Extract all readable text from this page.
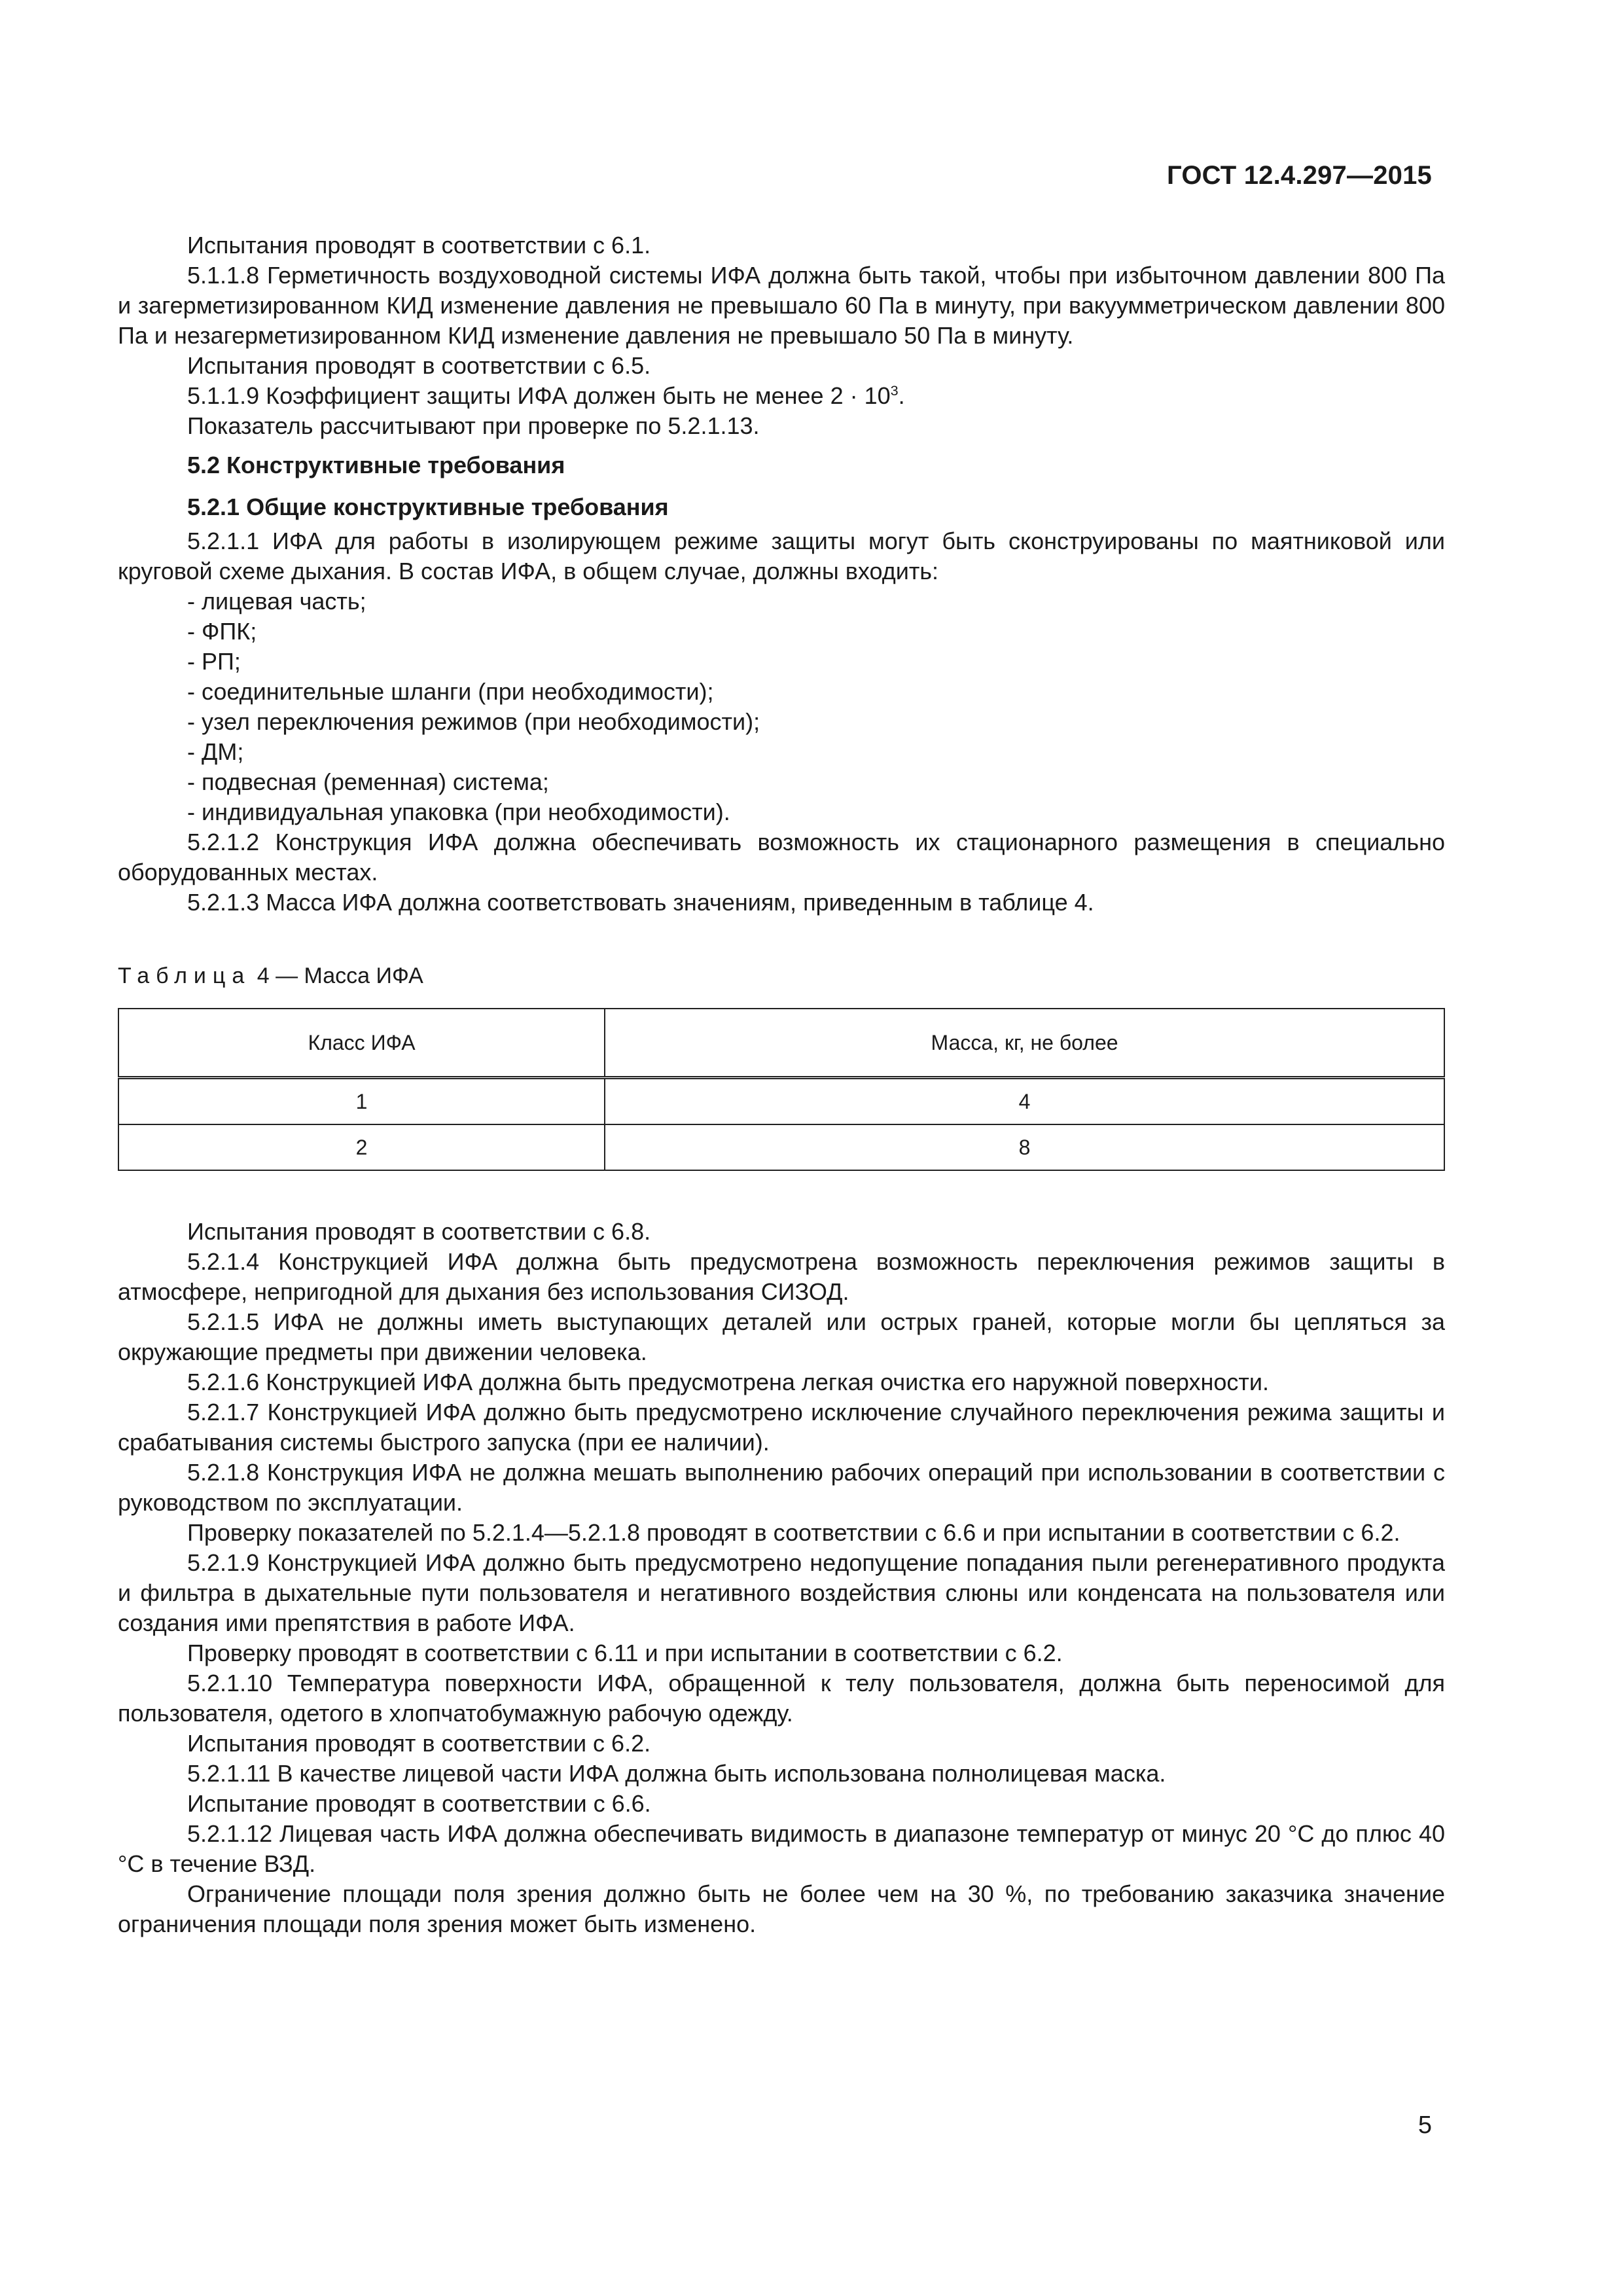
ГОСТ 12.4.297—2015

Испытания проводят в соответствии с 6.1.

5.1.1.8 Герметичность воздуховодной системы ИФА должна быть такой, чтобы при избыточном давлении 800 Па и загерметизированном КИД изменение давления не превышало 60 Па в минуту, при вакуумметрическом давлении 800 Па и незагерметизированном КИД изменение давления не превышало 50 Па в минуту.

Испытания проводят в соответствии с 6.5.

5.1.1.9 Коэффициент защиты ИФА должен быть не менее $2 \cdot 10^3$.

Показатель рассчитывают при проверке по 5.2.1.13.

5.2 Конструктивные требования
5.2.1 Общие конструктивные требования

5.2.1.1 ИФА для работы в изолирующем режиме защиты могут быть сконструированы по маятниковой или круговой схеме дыхания. В состав ИФА, в общем случае, должны входить:

- лицевая часть;
- ФПК;
- РП;
- соединительные шланги (при необходимости);
- узел переключения режимов (при необходимости);
- ДМ;
- подвесная (ременная) система;
- индивидуальная упаковка (при необходимости).

5.2.1.2 Конструкция ИФА должна обеспечивать возможность их стационарного размещения в специально оборудованных местах.

5.2.1.3 Масса ИФА должна соответствовать значениям, приведенным в таблице 4.

Таблица 4 — Масса ИФА
Класс ИФА	Масса, кг, не более
1	4
2	8

Испытания проводят в соответствии с 6.8.

5.2.1.4 Конструкцией ИФА должна быть предусмотрена возможность переключения режимов защиты в атмосфере, непригодной для дыхания без использования СИЗОД.

5.2.1.5 ИФА не должны иметь выступающих деталей или острых граней, которые могли бы цепляться за окружающие предметы при движении человека.

5.2.1.6 Конструкцией ИФА должна быть предусмотрена легкая очистка его наружной поверхности.

5.2.1.7 Конструкцией ИФА должно быть предусмотрено исключение случайного переключения режима защиты и срабатывания системы быстрого запуска (при ее наличии).

5.2.1.8 Конструкция ИФА не должна мешать выполнению рабочих операций при использовании в соответствии с руководством по эксплуатации.

Проверку показателей по 5.2.1.4—5.2.1.8 проводят в соответствии с 6.6 и при испытании в соответствии с 6.2.

5.2.1.9 Конструкцией ИФА должно быть предусмотрено недопущение попадания пыли регенеративного продукта и фильтра в дыхательные пути пользователя и негативного воздействия слюны или конденсата на пользователя или создания ими препятствия в работе ИФА.

Проверку проводят в соответствии с 6.11 и при испытании в соответствии с 6.2.

5.2.1.10 Температура поверхности ИФА, обращенной к телу пользователя, должна быть переносимой для пользователя, одетого в хлопчатобумажную рабочую одежду.

Испытания проводят в соответствии с 6.2.

5.2.1.11 В качестве лицевой части ИФА должна быть использована полнолицевая маска.

Испытание проводят в соответствии с 6.6.

5.2.1.12 Лицевая часть ИФА должна обеспечивать видимость в диапазоне температур от минус 20 °С до плюс 40 °С в течение ВЗД.

Ограничение площади поля зрения должно быть не более чем на 30 %, по требованию заказчика значение ограничения площади поля зрения может быть изменено.

5
